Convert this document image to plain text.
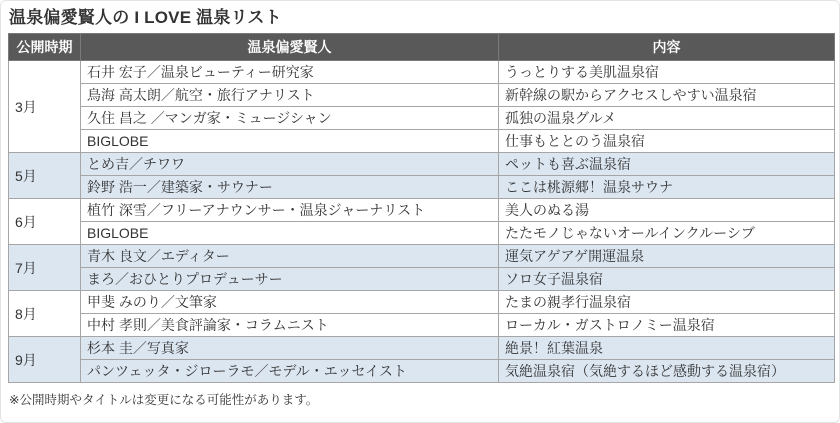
温泉偏愛賢人の I LOVE 温泉リスト
公開時期	温泉偏愛賢人	内容
3月	石井 宏子／温泉ビューティー研究家	うっとりする美肌温泉宿
	鳥海 高太朗／航空・旅行アナリスト	新幹線の駅からアクセスしやすい温泉宿
	久住 昌之 ／マンガ家・ミュージシャン	孤独の温泉グルメ
	BIGLOBE	仕事もととのう温泉宿
5月	とめ吉／チワワ	ペットも喜ぶ温泉宿
	鈴野 浩一／建築家・サウナー	ここは桃源郷！温泉サウナ
6月	植竹 深雪／フリーアナウンサー・温泉ジャーナリスト	美人のぬる湯
	BIGLOBE	たたモノじゃないオールインクルーシブ
7月	青木 良文／エディター	運気アゲアゲ開運温泉
	まろ／おひとりプロデューサー	ソロ女子温泉宿
8月	甲斐 みのり／文筆家	たまの親孝行温泉宿
	中村 孝則／美食評論家・コラムニスト	ローカル・ガストロノミー温泉宿
9月	杉本 圭／写真家	絶景！紅葉温泉
	パンツェッタ・ジローラモ／モデル・エッセイスト	気絶温泉宿（気絶するほど感動する温泉宿）

※公開時期やタイトルは変更になる可能性があります。
